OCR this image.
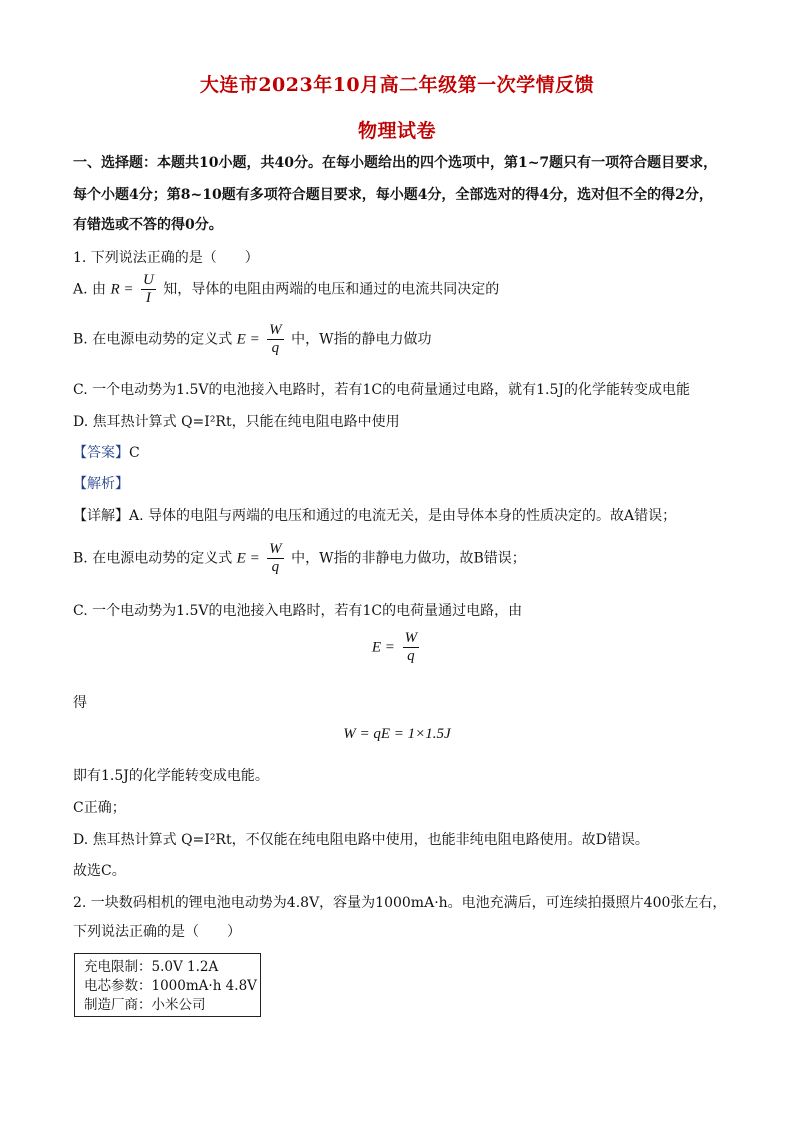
大连市2023年10月高二年级第一次学情反馈
物理试卷
一、选择题：本题共10小题，共40分。在每小题给出的四个选项中，第1~7题只有一项符合题目要求，
每个小题4分；第8~10题有多项符合题目要求，每小题4分，全部选对的得4分，选对但不全的得2分，
有错选或不答的得0分。
1. 下列说法正确的是（　　）
A. 由 $R = \frac{U}{I}$ 知，导体的电阻由两端的电压和通过的电流共同决定的
B. 在电源电动势的定义式 $E = \frac{W}{q}$ 中，W指的静电力做功
C. 一个电动势为1.5V的电池接入电路时，若有1C的电荷量通过电路，就有1.5J的化学能转变成电能
D. 焦耳热计算式 Q=I²Rt，只能在纯电阻电路中使用
【答案】C
【解析】
【详解】A. 导体的电阻与两端的电压和通过的电流无关，是由导体本身的性质决定的。故A错误；
B. 在电源电动势的定义式 $E = \frac{W}{q}$ 中，W指的非静电力做功，故B错误；
C. 一个电动势为1.5V的电池接入电路时，若有1C的电荷量通过电路，由
$E = \frac{W}{q}$
得
W = qE = 1×1.5J
即有1.5J的化学能转变成电能。
C正确；
D. 焦耳热计算式 Q=I²Rt，不仅能在纯电阻电路中使用，也能非纯电阻电路使用。故D错误。
故选C。
2. 一块数码相机的锂电池电动势为4.8V，容量为1000mA·h。电池充满后，可连续拍摄照片400张左右，
下列说法正确的是（　　）
充电限制：5.0V 1.2A
电芯参数：1000mA·h 4.8V
制造厂商：小米公司
